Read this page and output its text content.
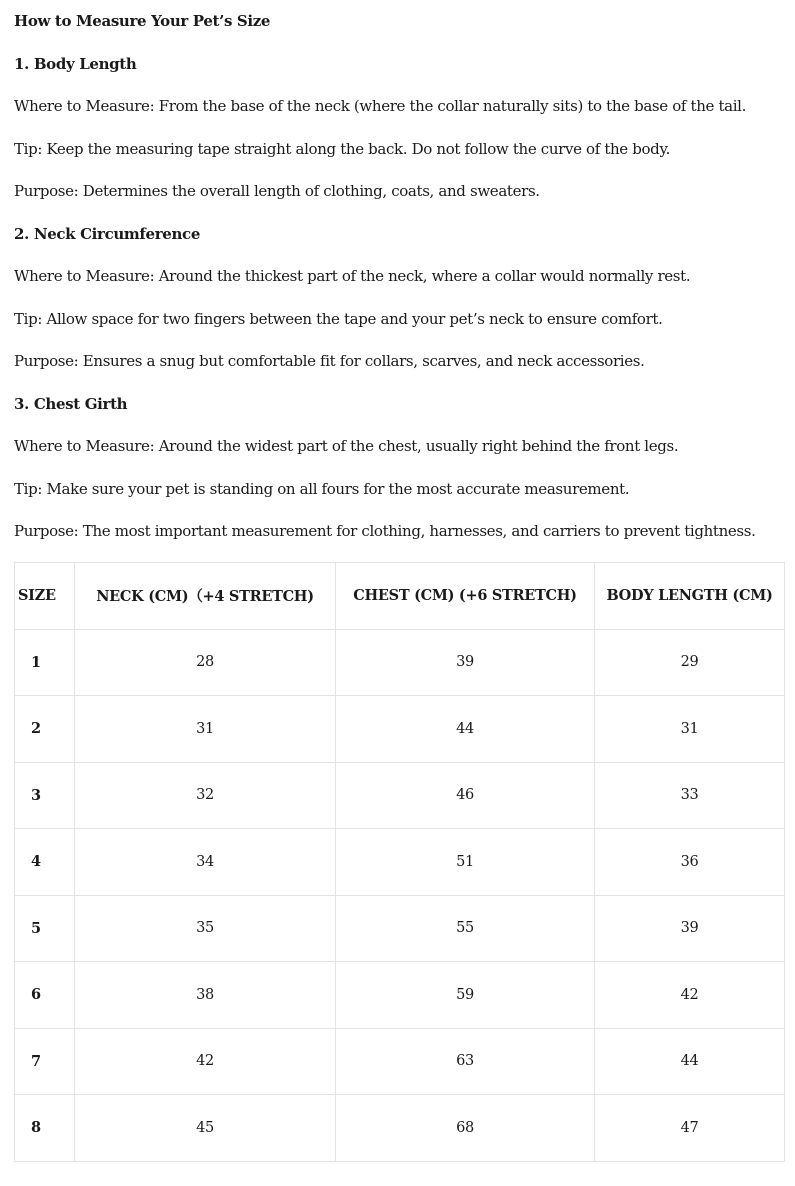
How to Measure Your Pet’s Size
1. Body Length
Where to Measure: From the base of the neck (where the collar naturally sits) to the base of the tail.
Tip: Keep the measuring tape straight along the back. Do not follow the curve of the body.
Purpose: Determines the overall length of clothing, coats, and sweaters.
2. Neck Circumference
Where to Measure: Around the thickest part of the neck, where a collar would normally rest.
Tip: Allow space for two fingers between the tape and your pet’s neck to ensure comfort.
Purpose: Ensures a snug but comfortable fit for collars, scarves, and neck accessories.
3. Chest Girth
Where to Measure: Around the widest part of the chest, usually right behind the front legs.
Tip: Make sure your pet is standing on all fours for the most accurate measurement.
Purpose: The most important measurement for clothing, harnesses, and carriers to prevent tightness.
SIZE	NECK (CM)（+4 STRETCH)	CHEST (CM) (+6 STRETCH)	BODY LENGTH (CM)
1	28	39	29
2	31	44	31
3	32	46	33
4	34	51	36
5	35	55	39
6	38	59	42
7	42	63	44
8	45	68	47
